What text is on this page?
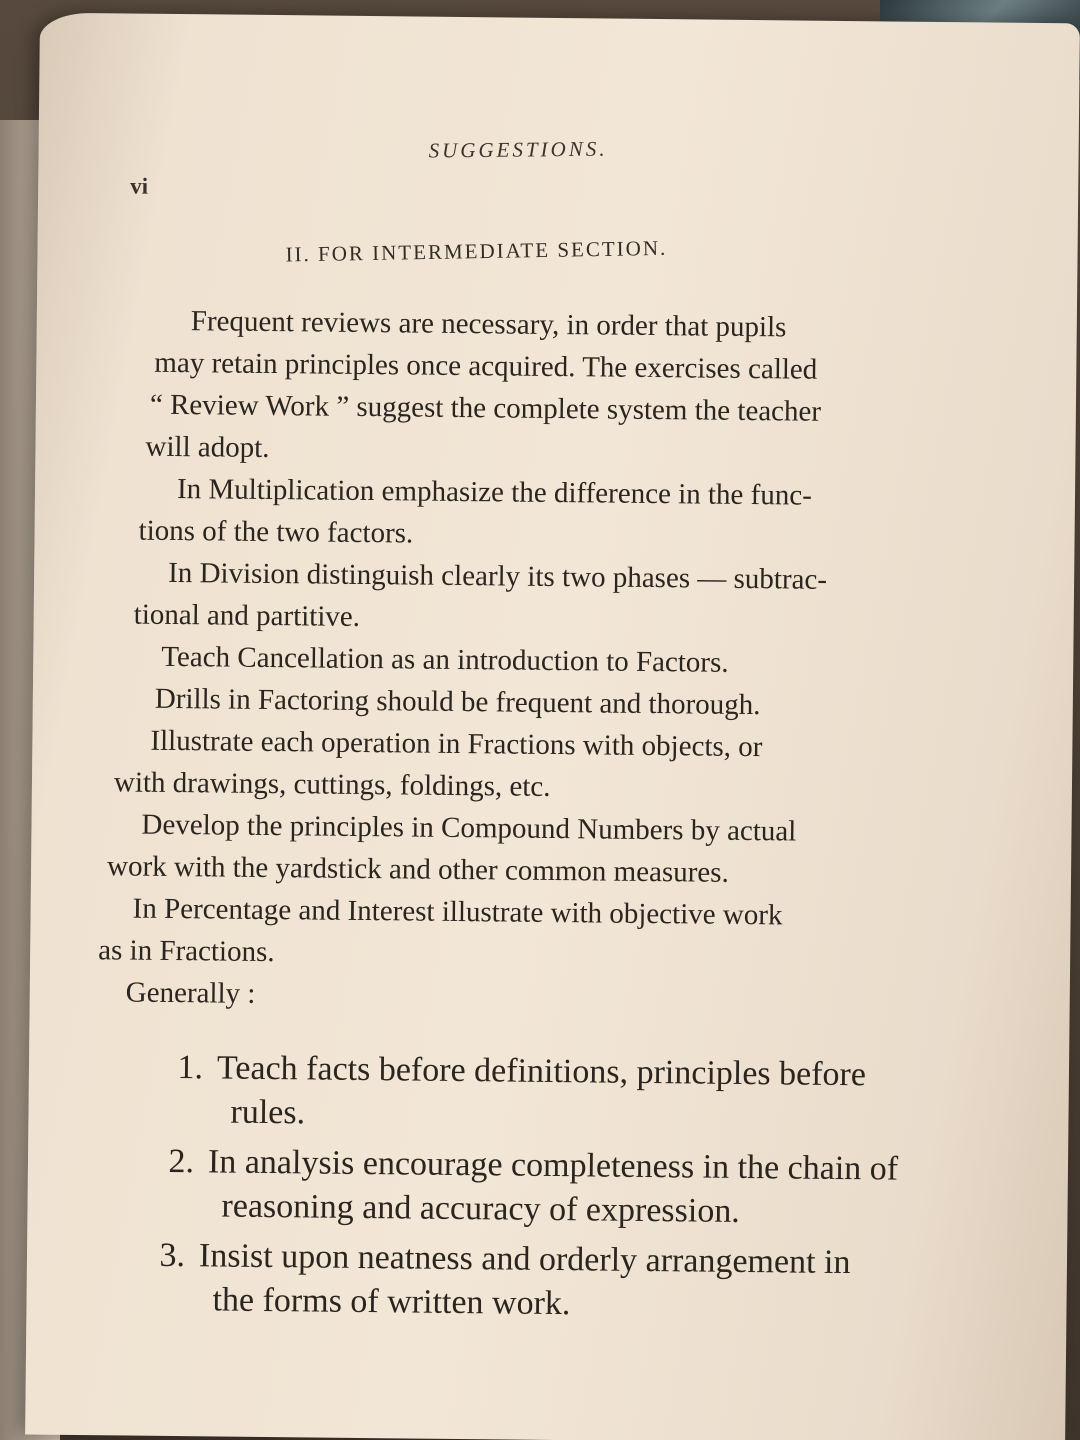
SUGGESTIONS.
vi
II. FOR INTERMEDIATE SECTION.
Frequent reviews are necessary, in order that pupils
may retain principles once acquired. The exercises called
“ Review Work ” suggest the complete system the teacher
will adopt.
In Multiplication emphasize the difference in the func-
tions of the two factors.
In Division distinguish clearly its two phases — subtrac-
tional and partitive.
Teach Cancellation as an introduction to Factors.
Drills in Factoring should be frequent and thorough.
Illustrate each operation in Fractions with objects, or
with drawings, cuttings, foldings, etc.
Develop the principles in Compound Numbers by actual
work with the yardstick and other common measures.
In Percentage and Interest illustrate with objective work
as in Fractions.
Generally :
1. Teach facts before definitions, principles before
rules.
2. In analysis encourage completeness in the chain of
reasoning and accuracy of expression.
3. Insist upon neatness and orderly arrangement in
the forms of written work.
